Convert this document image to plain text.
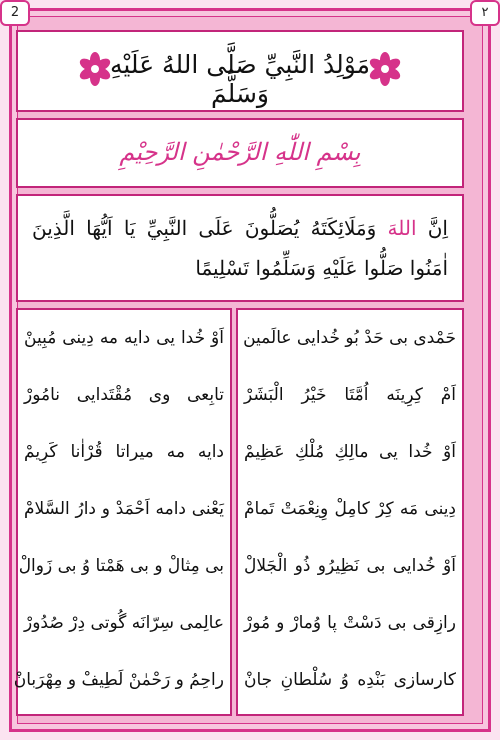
2	٢
مَوْلِدُ النَّبِيِّ صَلَّى اللهُ عَلَيْهِ وَسَلَّمَ
بِسْمِ اللّٰهِ الرَّحْمٰنِ الرَّحِيْمِ
اِنَّ اللهَ وَمَلَائِكَتَهُ يُصَلُّونَ عَلَى النَّبِيِّ يَا اَيُّهَا الَّذِينَ اٰمَنُوا صَلُّوا عَلَيْهِ وَسَلِّمُوا تَسْلِيمًا
حَمْدی بی حَدْ بُو خُدایی عالَمین
اَمْ کِرِینَه اُمَّتَا خَیْرُ الْبَشَرْ
اَوْ خُدا یی مالِكِ مُلْكِ عَظِیمْ
دِینی مَه کِرْ کامِلْ وِنِعْمَتْ تَمامْ
اَوْ خُدایی بی نَظِیرُو ذُو الْجَلالْ
رازِقی بی دَسْتْ پا وُمارْ و مُورْ
کارسازی بَنْدِه وُ سُلْطانِ جانْ
اَوْ خُدا یی دایه مه دِینی مُبِینْ
تابِعی وی مُقْتَدایی نامُورْ
دایه مه میراتا قُرْاٰنا کَرِیمْ
یَعْنی دامه اَحْمَدْ و دارُ السَّلامْ
بی مِثالْ و بی هَمْتا وُ بی زَوالْ
عالِمی سِرّانَه گُوتی دِرْ صُدُورْ
راحِمُ و رَحْمٰنْ لَطِیفْ و مِهْرَبانْ
